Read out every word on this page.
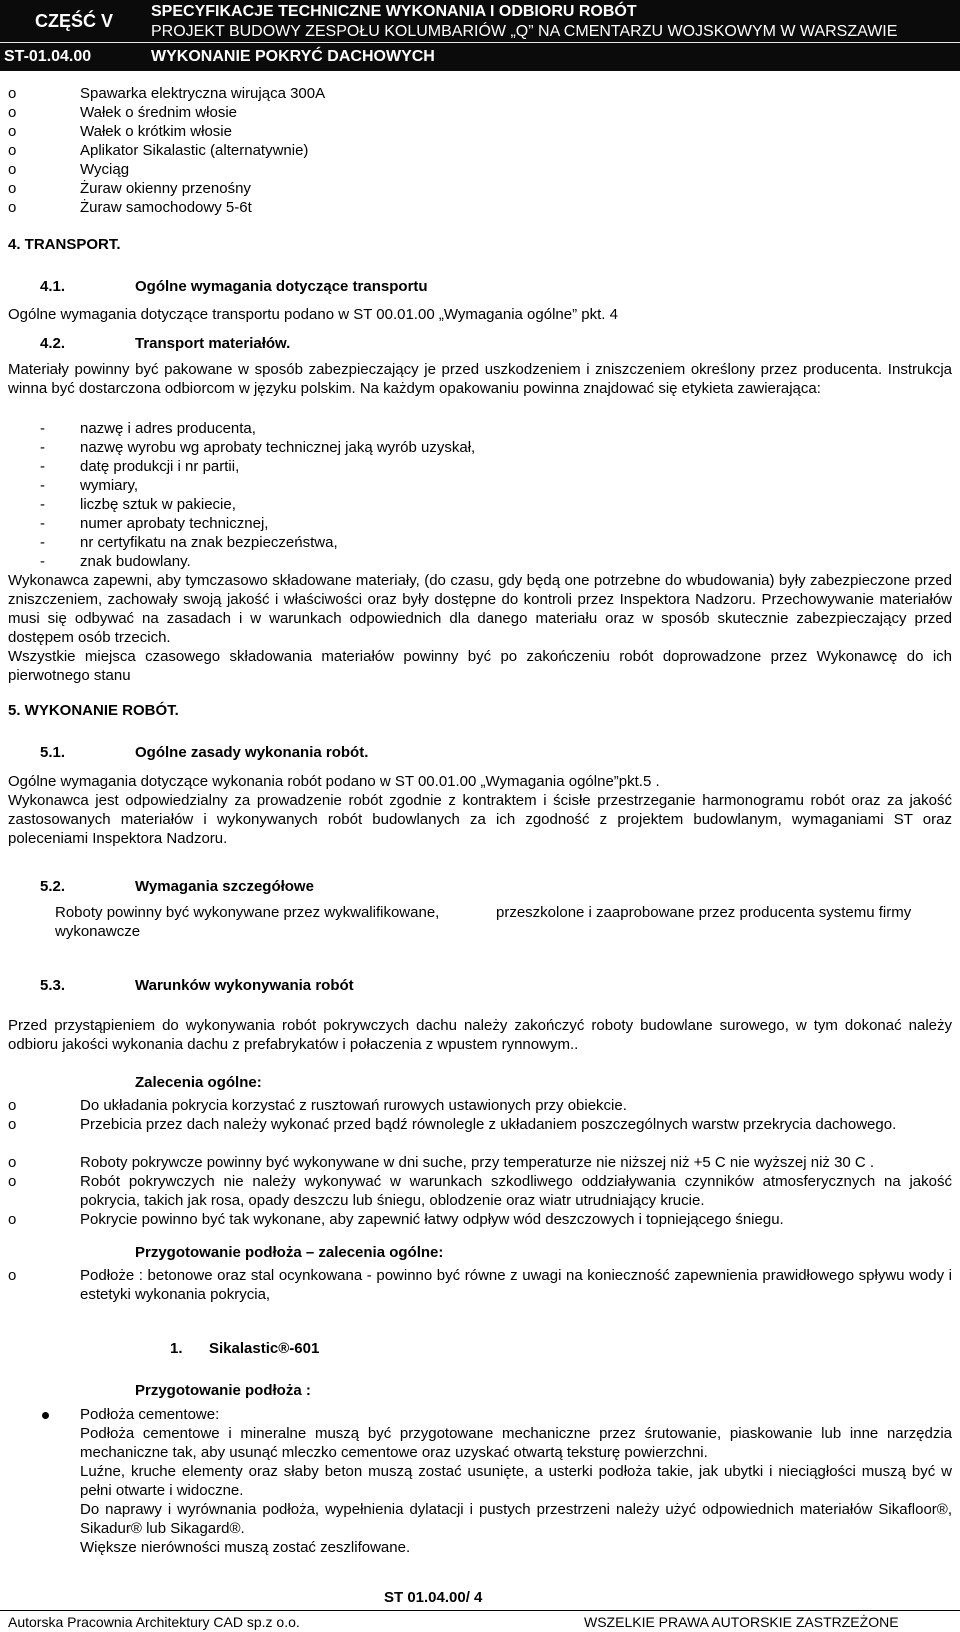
CZĘŚĆ V SPECYFIKACJE TECHNICZNE WYKONANIA I ODBIORU ROBÓT
PROJEKT BUDOWY ZESPOŁU KOLUMBARIÓW „Q” NA CMENTARZU WOJSKOWYM W WARSZAWIE
ST-01.04.00	WYKONANIE POKRYĆ DACHOWYCH
o	Spawarka elektryczna wirująca 300A
o	Wałek o średnim włosie
o	Wałek o krótkim włosie
o	Aplikator Sikalastic (alternatywnie)
o	Wyciąg
o	Żuraw okienny przenośny
o	Żuraw samochodowy 5-6t
4. TRANSPORT.
4.1.	Ogólne wymagania dotyczące transportu
Ogólne wymagania dotyczące transportu podano w ST 00.01.00 „Wymagania ogólne” pkt. 4
4.2.	Transport materiałów.
Materiały powinny być pakowane w sposób zabezpieczający je przed uszkodzeniem i zniszczeniem określony przez producenta. Instrukcja winna być dostarczona odbiorcom w języku polskim. Na każdym opakowaniu powinna znajdować się etykieta zawierająca:
- nazwę i adres producenta,
- nazwę wyrobu wg aprobaty technicznej jaką wyrób uzyskał,
- datę produkcji i nr partii,
- wymiary,
- liczbę sztuk w pakiecie,
- numer aprobaty technicznej,
- nr certyfikatu na znak bezpieczeństwa,
- znak budowlany.
Wykonawca zapewni, aby tymczasowo składowane materiały, (do czasu, gdy będą one potrzebne do wbudowania) były zabezpieczone przed zniszczeniem, zachowały swoją jakość i właściwości oraz były dostępne do kontroli przez Inspektora Nadzoru. Przechowywanie materiałów musi się odbywać na zasadach i w warunkach odpowiednich dla danego materiału oraz w sposób skutecznie zabezpieczający przed dostępem osób trzecich.
Wszystkie miejsca czasowego składowania materiałów powinny być po zakończeniu robót doprowadzone przez Wykonawcę do ich pierwotnego stanu
5. WYKONANIE ROBÓT.
5.1.	Ogólne zasady wykonania robót.
Ogólne wymagania dotyczące wykonania robót podano w ST 00.01.00 „Wymagania ogólne”pkt.5 .
Wykonawca jest odpowiedzialny za prowadzenie robót zgodnie z kontraktem i ścisłe przestrzeganie harmonogramu robót oraz za jakość zastosowanych materiałów i wykonywanych robót budowlanych za ich zgodność z projektem budowlanym, wymaganiami ST oraz poleceniami Inspektora Nadzoru.
5.2.	Wymagania szczegółowe
Roboty powinny być wykonywane przez wykwalifikowane,	przeszkolone i zaaprobowane przez producenta systemu firmy
wykonawcze
5.3.	Warunków wykonywania robót
Przed przystąpieniem do wykonywania robót pokrywczych dachu należy zakończyć roboty budowlane surowego, w tym dokonać należy odbioru jakości wykonania dachu z prefabrykatów i połaczenia z wpustem rynnowym..
Zalecenia ogólne:
o	Do układania pokrycia korzystać z rusztowań rurowych ustawionych przy obiekcie.
o	Przebicia przez dach należy wykonać przed bądź równolegle z układaniem poszczególnych warstw przekrycia dachowego.
o	Roboty pokrywcze powinny być wykonywane w dni suche, przy temperaturze nie niższej niż +5 C nie wyższej niż 30 C .
o	Robót pokrywczych nie należy wykonywać w warunkach szkodliwego oddziaływania czynników atmosferycznych na jakość pokrycia, takich jak rosa, opady deszczu lub śniegu, oblodzenie oraz wiatr utrudniający krucie.
o	Pokrycie powinno być tak wykonane, aby zapewnić łatwy odpływ wód deszczowych i topniejącego śniegu.
Przygotowanie podłoża – zalecenia ogólne:
o	Podłoże : betonowe oraz stal ocynkowana - powinno być równe z uwagi na konieczność zapewnienia prawidłowego spływu wody i estetyki wykonania pokrycia,
1. Sikalastic®-601
Przygotowanie podłoża :
Podłoża cementowe:
Podłoża cementowe i mineralne muszą być przygotowane mechaniczne przez śrutowanie, piaskowanie lub inne narzędzia mechaniczne tak, aby usunąć mleczko cementowe oraz uzyskać otwartą teksturę powierzchni.
Luźne, kruche elementy oraz słaby beton muszą zostać usunięte, a usterki podłoża takie, jak ubytki i nieciągłości muszą być w pełni otwarte i widoczne.
Do naprawy i wyrównania podłoża, wypełnienia dylatacji i pustych przestrzeni należy użyć odpowiednich materiałów Sikafloor®, Sikadur® lub Sikagard®.
Większe nierówności muszą zostać zeszlifowane.
ST 01.04.00/ 4
Autorska Pracownia Architektury CAD sp.z o.o.	WSZELKIE PRAWA AUTORSKIE ZASTRZEŻONE
